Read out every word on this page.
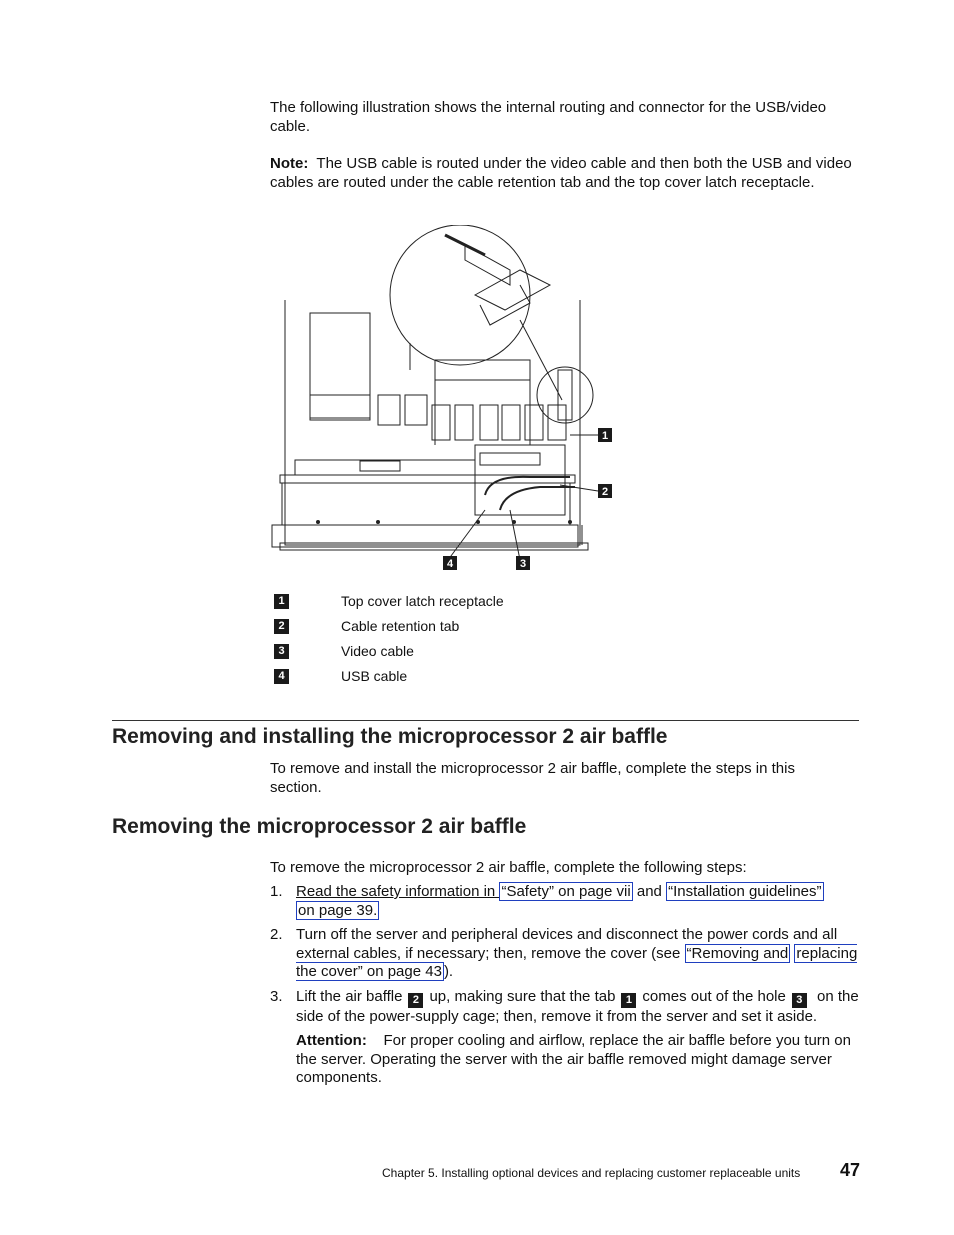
The following illustration shows the internal routing and connector for the USB/video cable.
Note: The USB cable is routed under the video cable and then both the USB and video cables are routed under the cable retention tab and the top cover latch receptacle.
1
2
3
4
1	Top cover latch receptacle
2	Cable retention tab
3	Video cable
4	USB cable
Removing and installing the microprocessor 2 air baffle
To remove and install the microprocessor 2 air baffle, complete the steps in this section.
Removing the microprocessor 2 air baffle
To remove the microprocessor 2 air baffle, complete the following steps:
1. Read the safety information in “Safety” on page vii and “Installation guidelines”
on page 39.
2. Turn off the server and peripheral devices and disconnect the power cords and all external cables, if necessary; then, remove the cover (see “Removing and replacing the cover” on page 43 ).
3. Lift the air baffle 2 up, making sure that the tab 1 comes out of the hole 3 on the side of the power-supply cage; then, remove it from the server and set it aside.
Attention: For proper cooling and airflow, replace the air baffle before you turn on the server. Operating the server with the air baffle removed might damage server components.
Chapter 5. Installing optional devices and replacing customer replaceable units 47
